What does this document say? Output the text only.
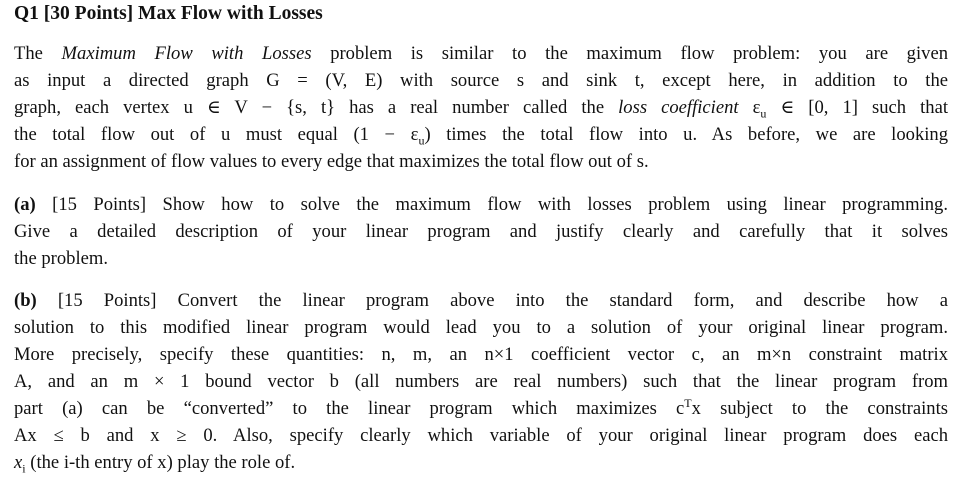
Q1 [30 Points] Max Flow with Losses
The Maximum Flow with Losses problem is similar to the maximum flow problem: you are given
as input a directed graph G = (V, E) with source s and sink t, except here, in addition to the
graph, each vertex u ∈ V − {s, t} has a real number called the loss coefficient $\varepsilon_u$ ∈ [0, 1] such that
the total flow out of u must equal $(1 - \varepsilon_u)$ times the total flow into u. As before, we are looking
for an assignment of flow values to every edge that maximizes the total flow out of s.
(a) [15 Points] Show how to solve the maximum flow with losses problem using linear programming.
Give a detailed description of your linear program and justify clearly and carefully that it solves
the problem.
(b) [15 Points] Convert the linear program above into the standard form, and describe how a
solution to this modified linear program would lead you to a solution of your original linear program.
More precisely, specify these quantities: n, m, an n×1 coefficient vector c, an m×n constraint matrix
A, and an m × 1 bound vector b (all numbers are real numbers) such that the linear program from
part (a) can be “converted” to the linear program which maximizes $c^Tx$ subject to the constraints
Ax ≤ b and x ≥ 0. Also, specify clearly which variable of your original linear program does each
$x_i$ (the i-th entry of x) play the role of.
